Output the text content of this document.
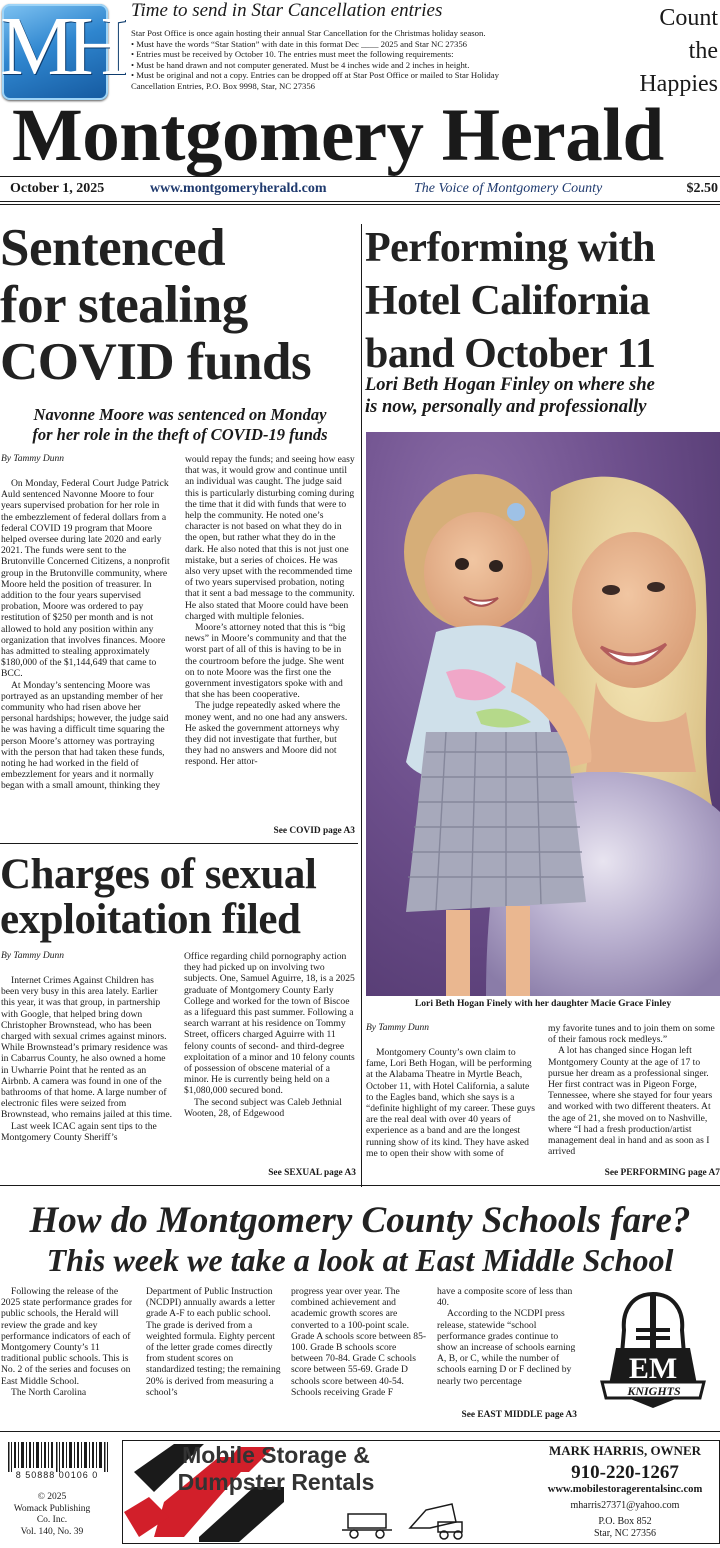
MH Time to send in Star Cancellation entries
Star Post Office is once again hosting their annual Star Cancellation for the Christmas holiday season.
• Must have the words “Star Station” with date in this format Dec ____ 2025 and Star NC 27356
• Entries must be received by October 10. The entries must meet the following requirements:
• Must be hand drawn and not computer generated. Must be 4 inches wide and 2 inches in height.
• Must be original and not a copy. Entries can be dropped off at Star Post Office or mailed to Star Holiday
Cancellation Entries, P.O. Box 9998, Star, NC 27356
Count
the
Happies
Montgomery Herald
October 1, 2025	www.montgomeryherald.com	The Voice of Montgomery County	$2.50
Sentenced
for stealing
COVID funds
Navonne Moore was sentenced on Monday
for her role in the theft of COVID-19 funds
By Tammy Dunn

On Monday, Federal Court Judge Patrick Auld sentenced Navonne Moore to four years supervised probation for her role in the embezzlement of federal dollars from a federal COVID 19 program that Moore helped oversee during late 2020 and early 2021. The funds were sent to the Brutonville Concerned Citizens, a nonprofit group in the Brutonville community, where Moore held the position of treasurer. In addition to the four years supervised probation, Moore was ordered to pay restitution of $250 per month and is not allowed to hold any position within any organization that involves finances. Moore has admitted to stealing approximately $180,000 of the $1,144,649 that came to BCC.

At Monday’s sentencing Moore was portrayed as an upstanding member of her community who had risen above her personal hardships; however, the judge said he was having a difficult time squaring the person Moore’s attorney was portraying with the person that had taken these funds, noting he had worked in the field of embezzlement for years and it normally began with a small amount, thinking they

would repay the funds; and seeing how easy that was, it would grow and continue until an individual was caught. The judge said this is particularly disturbing coming during the time that it did with funds that were to help the community. He noted one’s character is not based on what they do in the open, but rather what they do in the dark. He also noted that this is not just one mistake, but a series of choices. He was also very upset with the recommended time of two years supervised probation, noting that it sent a bad message to the community. He also stated that Moore could have been charged with multiple felonies.

Moore’s attorney noted that this is “big news” in Moore’s community and that the worst part of all of this is having to be in the courtroom before the judge. She went on to note Moore was the first one the government investigators spoke with and that she has been cooperative.

The judge repeatedly asked where the money went, and no one had any answers. He asked the government attorneys why they did not investigate that further, but they had no answers and Moore did not respond. Her attor-

See COVID page A3
Charges of sexual
exploitation filed
By Tammy Dunn

Internet Crimes Against Children has been very busy in this area lately. Earlier this year, it was that group, in partnership with Google, that helped bring down Christopher Brownstead, who has been charged with sexual crimes against minors. While Brownstead’s primary residence was in Cabarrus County, he also owned a home in Uwharrie Point that he rented as an Airbnb. A camera was found in one of the bathrooms of that home. A large number of electronic files were seized from Brownstead, who remains jailed at this time.

Last week ICAC again sent tips to the Montgomery County Sheriff’s

Office regarding child pornography action they had picked up on involving two subjects. One, Samuel Aguirre, 18, is a 2025 graduate of Montgomery County Early College and worked for the town of Biscoe as a lifeguard this past summer. Following a search warrant at his residence on Tommy Street, officers charged Aguirre with 11 felony counts of second- and third-degree exploitation of a minor and 10 felony counts of possession of obscene material of a minor. He is currently being held on a $1,080,000 secured bond.

The second subject was Caleb Jethnial Wooten, 28, of Edgewood

See SEXUAL page A3
Performing with
Hotel California
band October 11
Lori Beth Hogan Finley on where she
is now, personally and professionally
Lori Beth Hogan Finely with her daughter Macie Grace Finley
By Tammy Dunn

Montgomery County’s own claim to fame, Lori Beth Hogan, will be performing at the Alabama Theatre in Myrtle Beach, October 11, with Hotel California, a salute to the Eagles band, which she says is a “definite highlight of my career. These guys are the real deal with over 40 years of experience as a band and are the longest running show of its kind. They have asked me to open their show with some of

my favorite tunes and to join them on some of their famous rock medleys.”

A lot has changed since Hogan left Montgomery County at the age of 17 to pursue her dream as a professional singer. Her first contract was in Pigeon Forge, Tennessee, where she stayed for four years and worked with two different theaters. At the age of 21, she moved on to Nashville, where “I had a fresh production/artist management deal in hand and as soon as I arrived

See PERFORMING page A7
How do Montgomery County Schools fare?
This week we take a look at East Middle School

Following the release of the 2025 state performance grades for public schools, the Herald will review the grade and key performance indicators of each of Montgomery County’s 11 traditional public schools. This is No. 2 of the series and focuses on East Middle School.

The North Carolina

Department of Public Instruction (NCDPI) annually awards a letter grade A-F to each public school. The grade is derived from a weighted formula. Eighty percent of the letter grade comes directly from student scores on standardized testing; the remaining 20% is derived from measuring a school’s

progress year over year. The combined achievement and academic growth scores are converted to a 100-point scale. Grade A schools score between 85-100. Grade B schools score between 70-84. Grade C schools score between 55-69. Grade D schools score between 40-54. Schools receiving Grade F

have a composite score of less than 40.

According to the NCDPI press release, statewide “school performance grades continue to show an increase of schools earning A, B, or C, while the number of schools earning D or F declined by nearly two percentage

See EAST MIDDLE page A3
EM
KNIGHTS
8 50888 00106 0
© 2025
Womack Publishing
Co. Inc.
Vol. 140, No. 39
Mobile Storage &
Dumpster Rentals
MARK HARRIS, OWNER
910-220-1267
www.mobilestoragerentalsinc.com
mharris27371@yahoo.com
P.O. Box 852
Star, NC 27356
